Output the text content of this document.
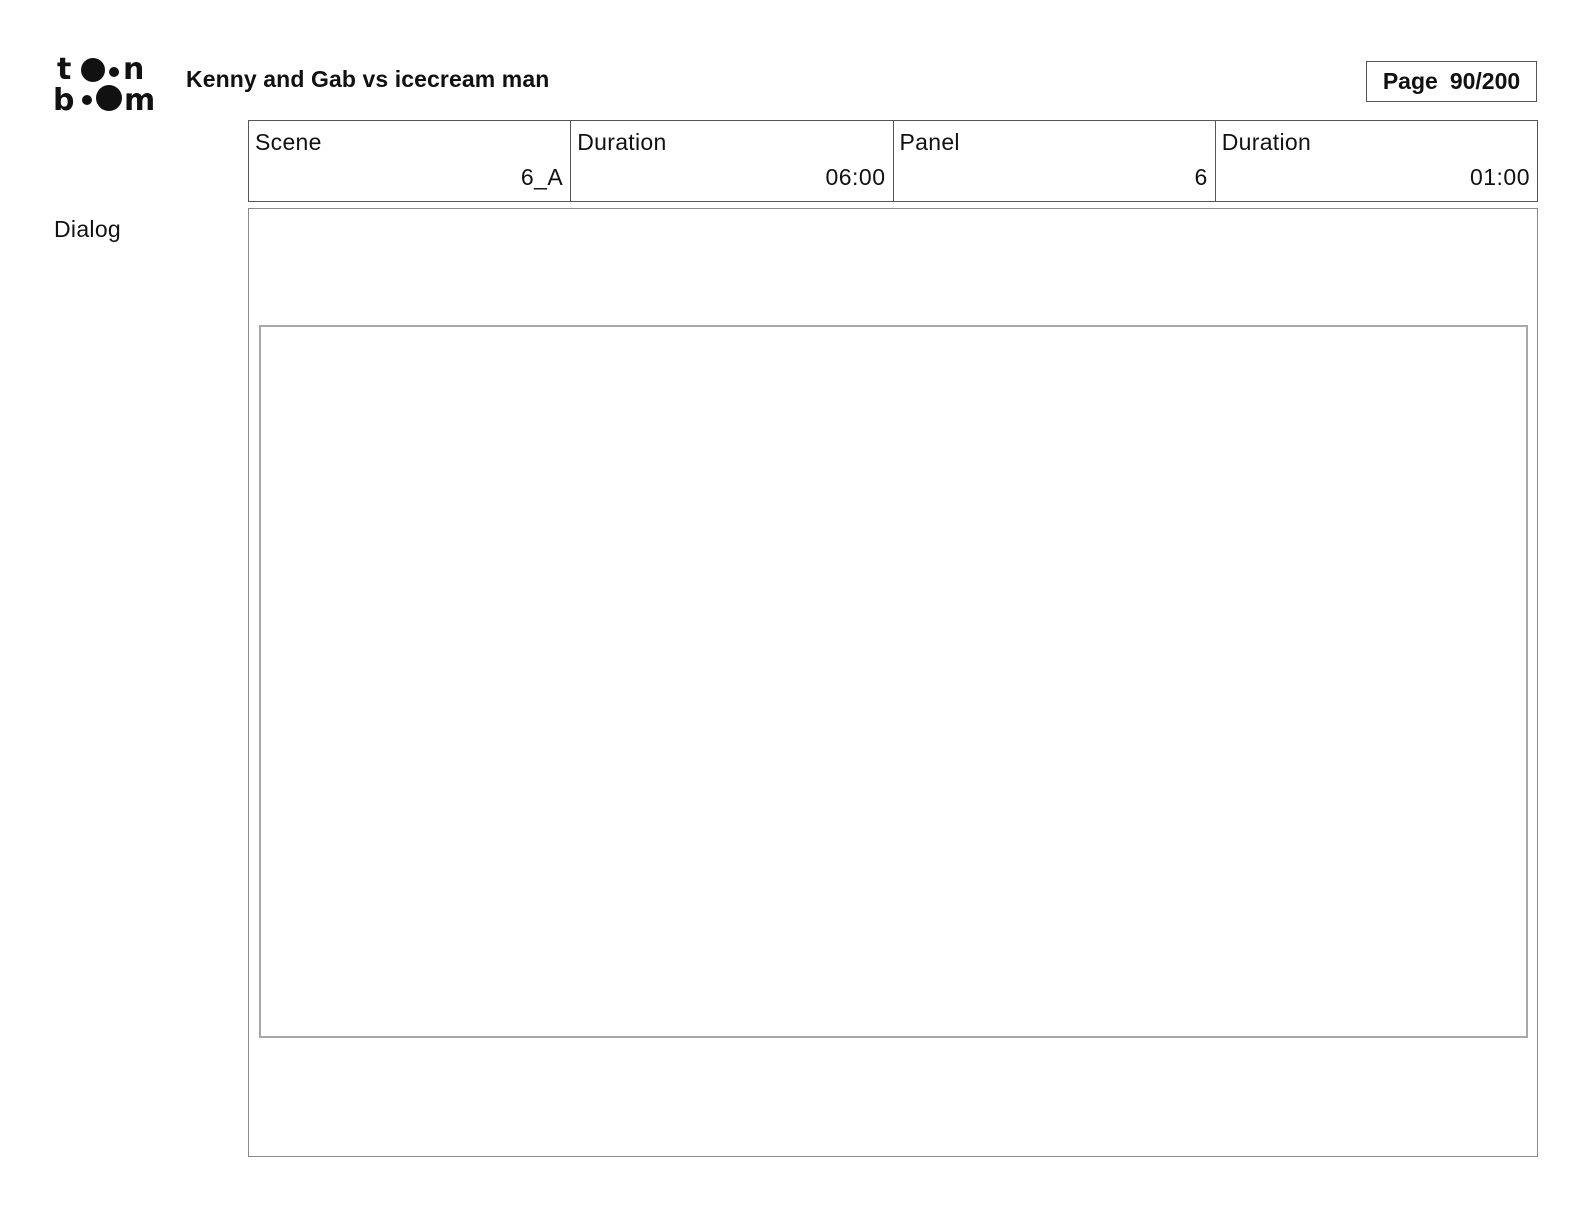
t n
b m
Kenny and Gab vs icecream man	Page 90/200
Scene
6_A
Duration
06:00
Panel
6
Duration
01:00
Dialog
